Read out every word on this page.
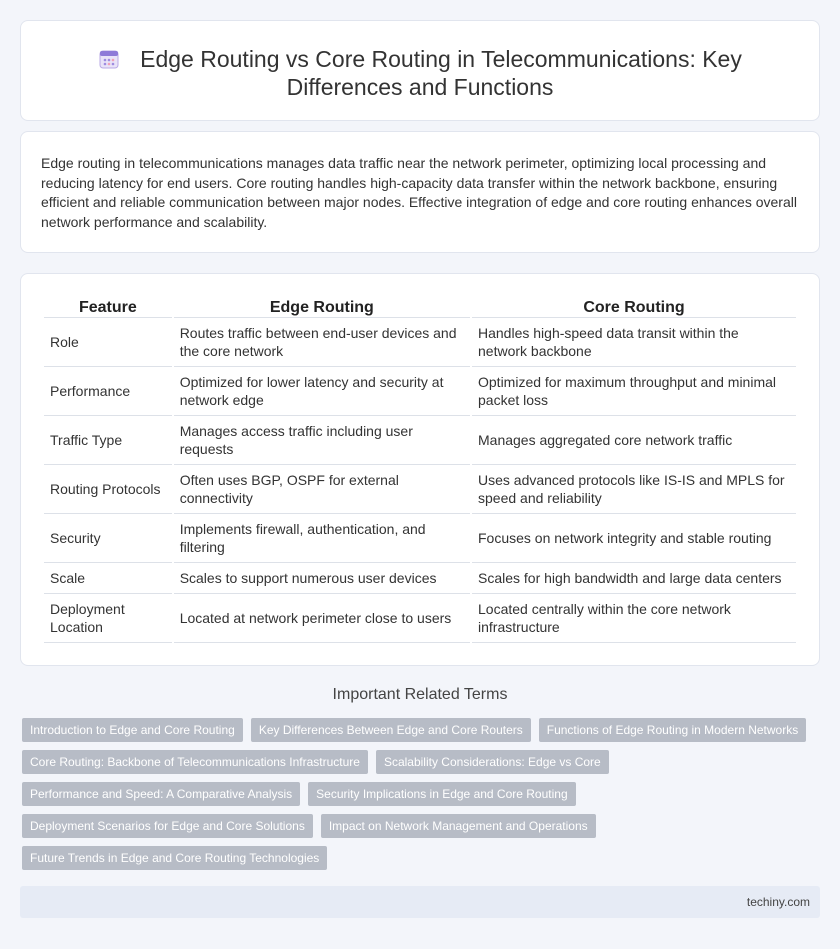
Edge Routing vs Core Routing in Telecommunications: Key Differences and Functions

Edge routing in telecommunications manages data traffic near the network perimeter, optimizing local processing and reducing latency for end users. Core routing handles high-capacity data transfer within the network backbone, ensuring efficient and reliable communication between major nodes. Effective integration of edge and core routing enhances overall network performance and scalability.

Feature	Edge Routing	Core Routing
Role	Routes traffic between end-user devices and the core network	Handles high-speed data transit within the network backbone
Performance	Optimized for lower latency and security at network edge	Optimized for maximum throughput and minimal packet loss
Traffic Type	Manages access traffic including user requests	Manages aggregated core network traffic
Routing Protocols	Often uses BGP, OSPF for external connectivity	Uses advanced protocols like IS-IS and MPLS for speed and reliability
Security	Implements firewall, authentication, and filtering	Focuses on network integrity and stable routing
Scale	Scales to support numerous user devices	Scales for high bandwidth and large data centers
Deployment Location	Located at network perimeter close to users	Located centrally within the core network infrastructure
Important Related Terms
Introduction to Edge and Core Routing	Key Differences Between Edge and Core Routers	Functions of Edge Routing in Modern Networks
Core Routing: Backbone of Telecommunications Infrastructure	Scalability Considerations: Edge vs Core
Performance and Speed: A Comparative Analysis	Security Implications in Edge and Core Routing
Deployment Scenarios for Edge and Core Solutions	Impact on Network Management and Operations
Future Trends in Edge and Core Routing Technologies
techiny.com
